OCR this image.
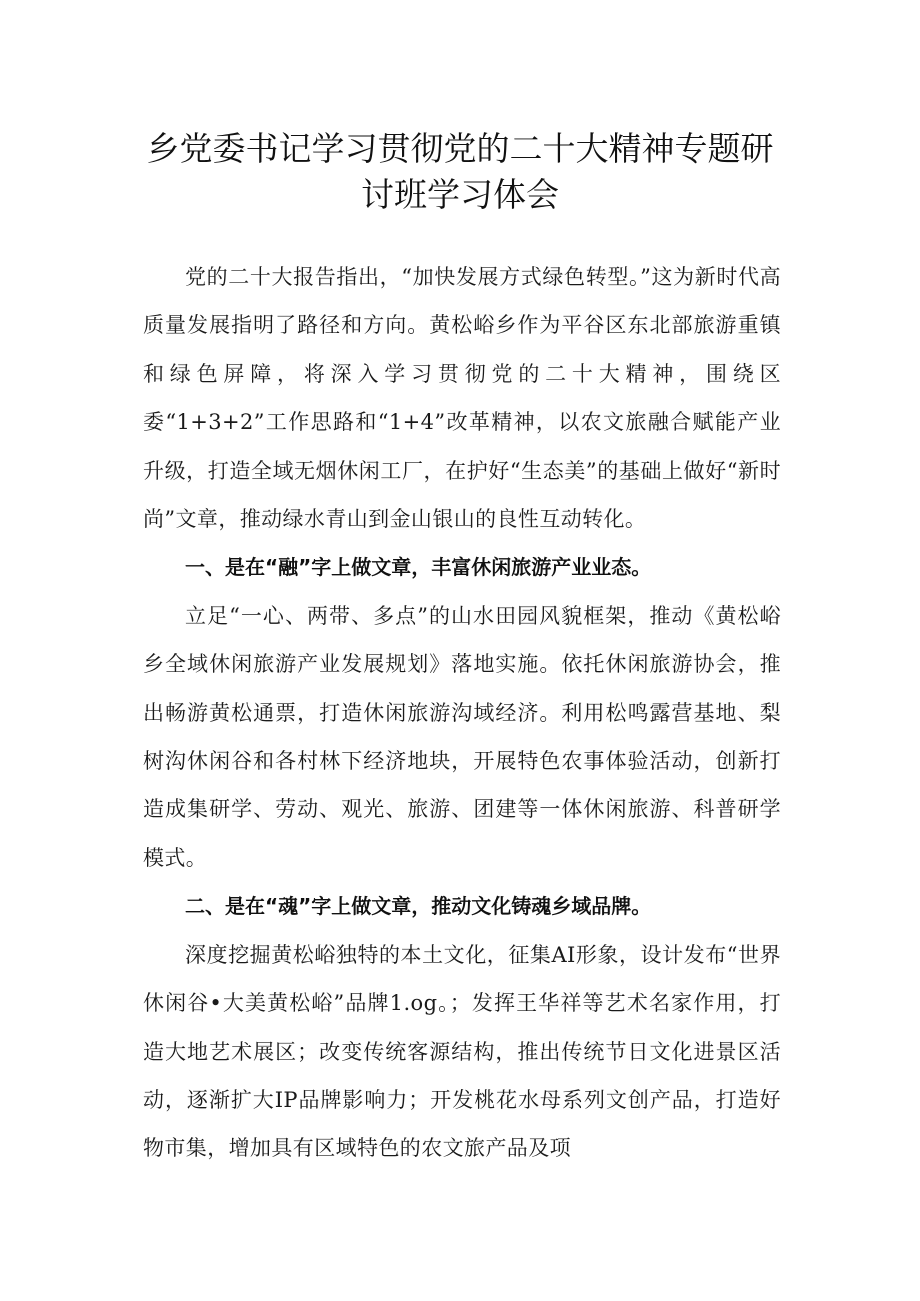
乡党委书记学习贯彻党的二十大精神专题研
讨班学习体会

党的二十大报告指出，“加快发展方式绿色转型。”这为新时代高质量发展指明了路径和方向。黄松峪乡作为平谷区东北部旅游重镇和绿色屏障，将深入学习贯彻党的二十大精神，围绕区委“1+3+2”工作思路和“1+4”改革精神，以农文旅融合赋能产业升级，打造全域无烟休闲工厂，在护好“生态美”的基础上做好“新时尚”文章，推动绿水青山到金山银山的良性互动转化。

一、是在“融”字上做文章，丰富休闲旅游产业业态。

立足“一心、两带、多点”的山水田园风貌框架，推动《黄松峪乡全域休闲旅游产业发展规划》落地实施。依托休闲旅游协会，推出畅游黄松通票，打造休闲旅游沟域经济。利用松鸣露营基地、梨树沟休闲谷和各村林下经济地块，开展特色农事体验活动，创新打造成集研学、劳动、观光、旅游、团建等一体休闲旅游、科普研学模式。

二、是在“魂”字上做文章，推动文化铸魂乡域品牌。

深度挖掘黄松峪独特的本土文化，征集AI形象，设计发布“世界休闲谷•大美黄松峪”品牌1.og。；发挥王华祥等艺术名家作用，打造大地艺术展区；改变传统客源结构，推出传统节日文化进景区活动，逐渐扩大IP品牌影响力；开发桃花水母系列文创产品，打造好物市集，增加具有区域特色的农文旅产品及项
